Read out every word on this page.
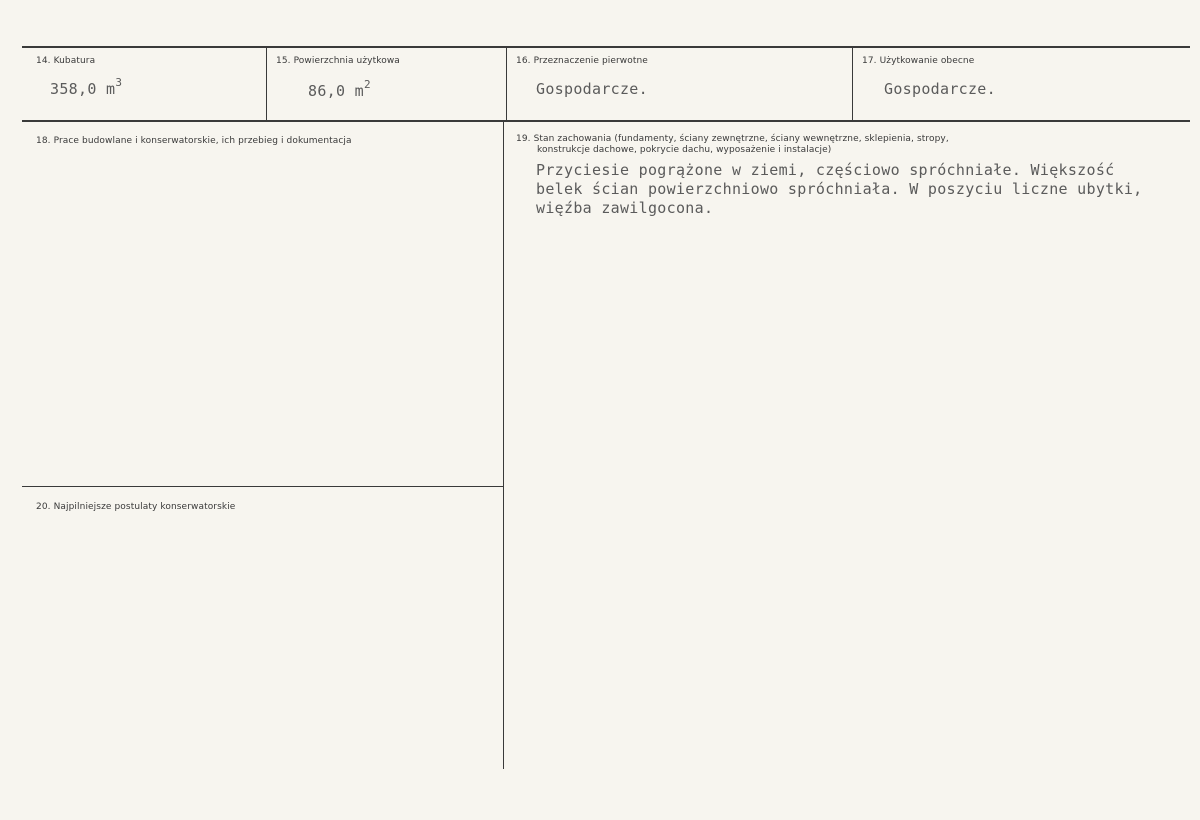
14. Kubatura
358,0 $m^3$
15. Powierzchnia użytkowa
86,0 $m^2$
16. Przeznaczenie pierwotne
Gospodarcze.
17. Użytkowanie obecne
Gospodarcze.
18. Prace budowlane i konserwatorskie, ich przebieg i dokumentacja	19. Stan zachowania (fundamenty, ściany zewnętrzne, ściany wewnętrzne, sklepienia, stropy,
konstrukcje dachowe, pokrycie dachu, wyposażenie i instalacje)
Przyciesie pogrążone w ziemi, częściowo spróchniałe. Większość
belek ścian powierzchniowo spróchniała. W poszyciu liczne ubytki,
więźba zawilgocona.
20. Najpilniejsze postulaty konserwatorskie
